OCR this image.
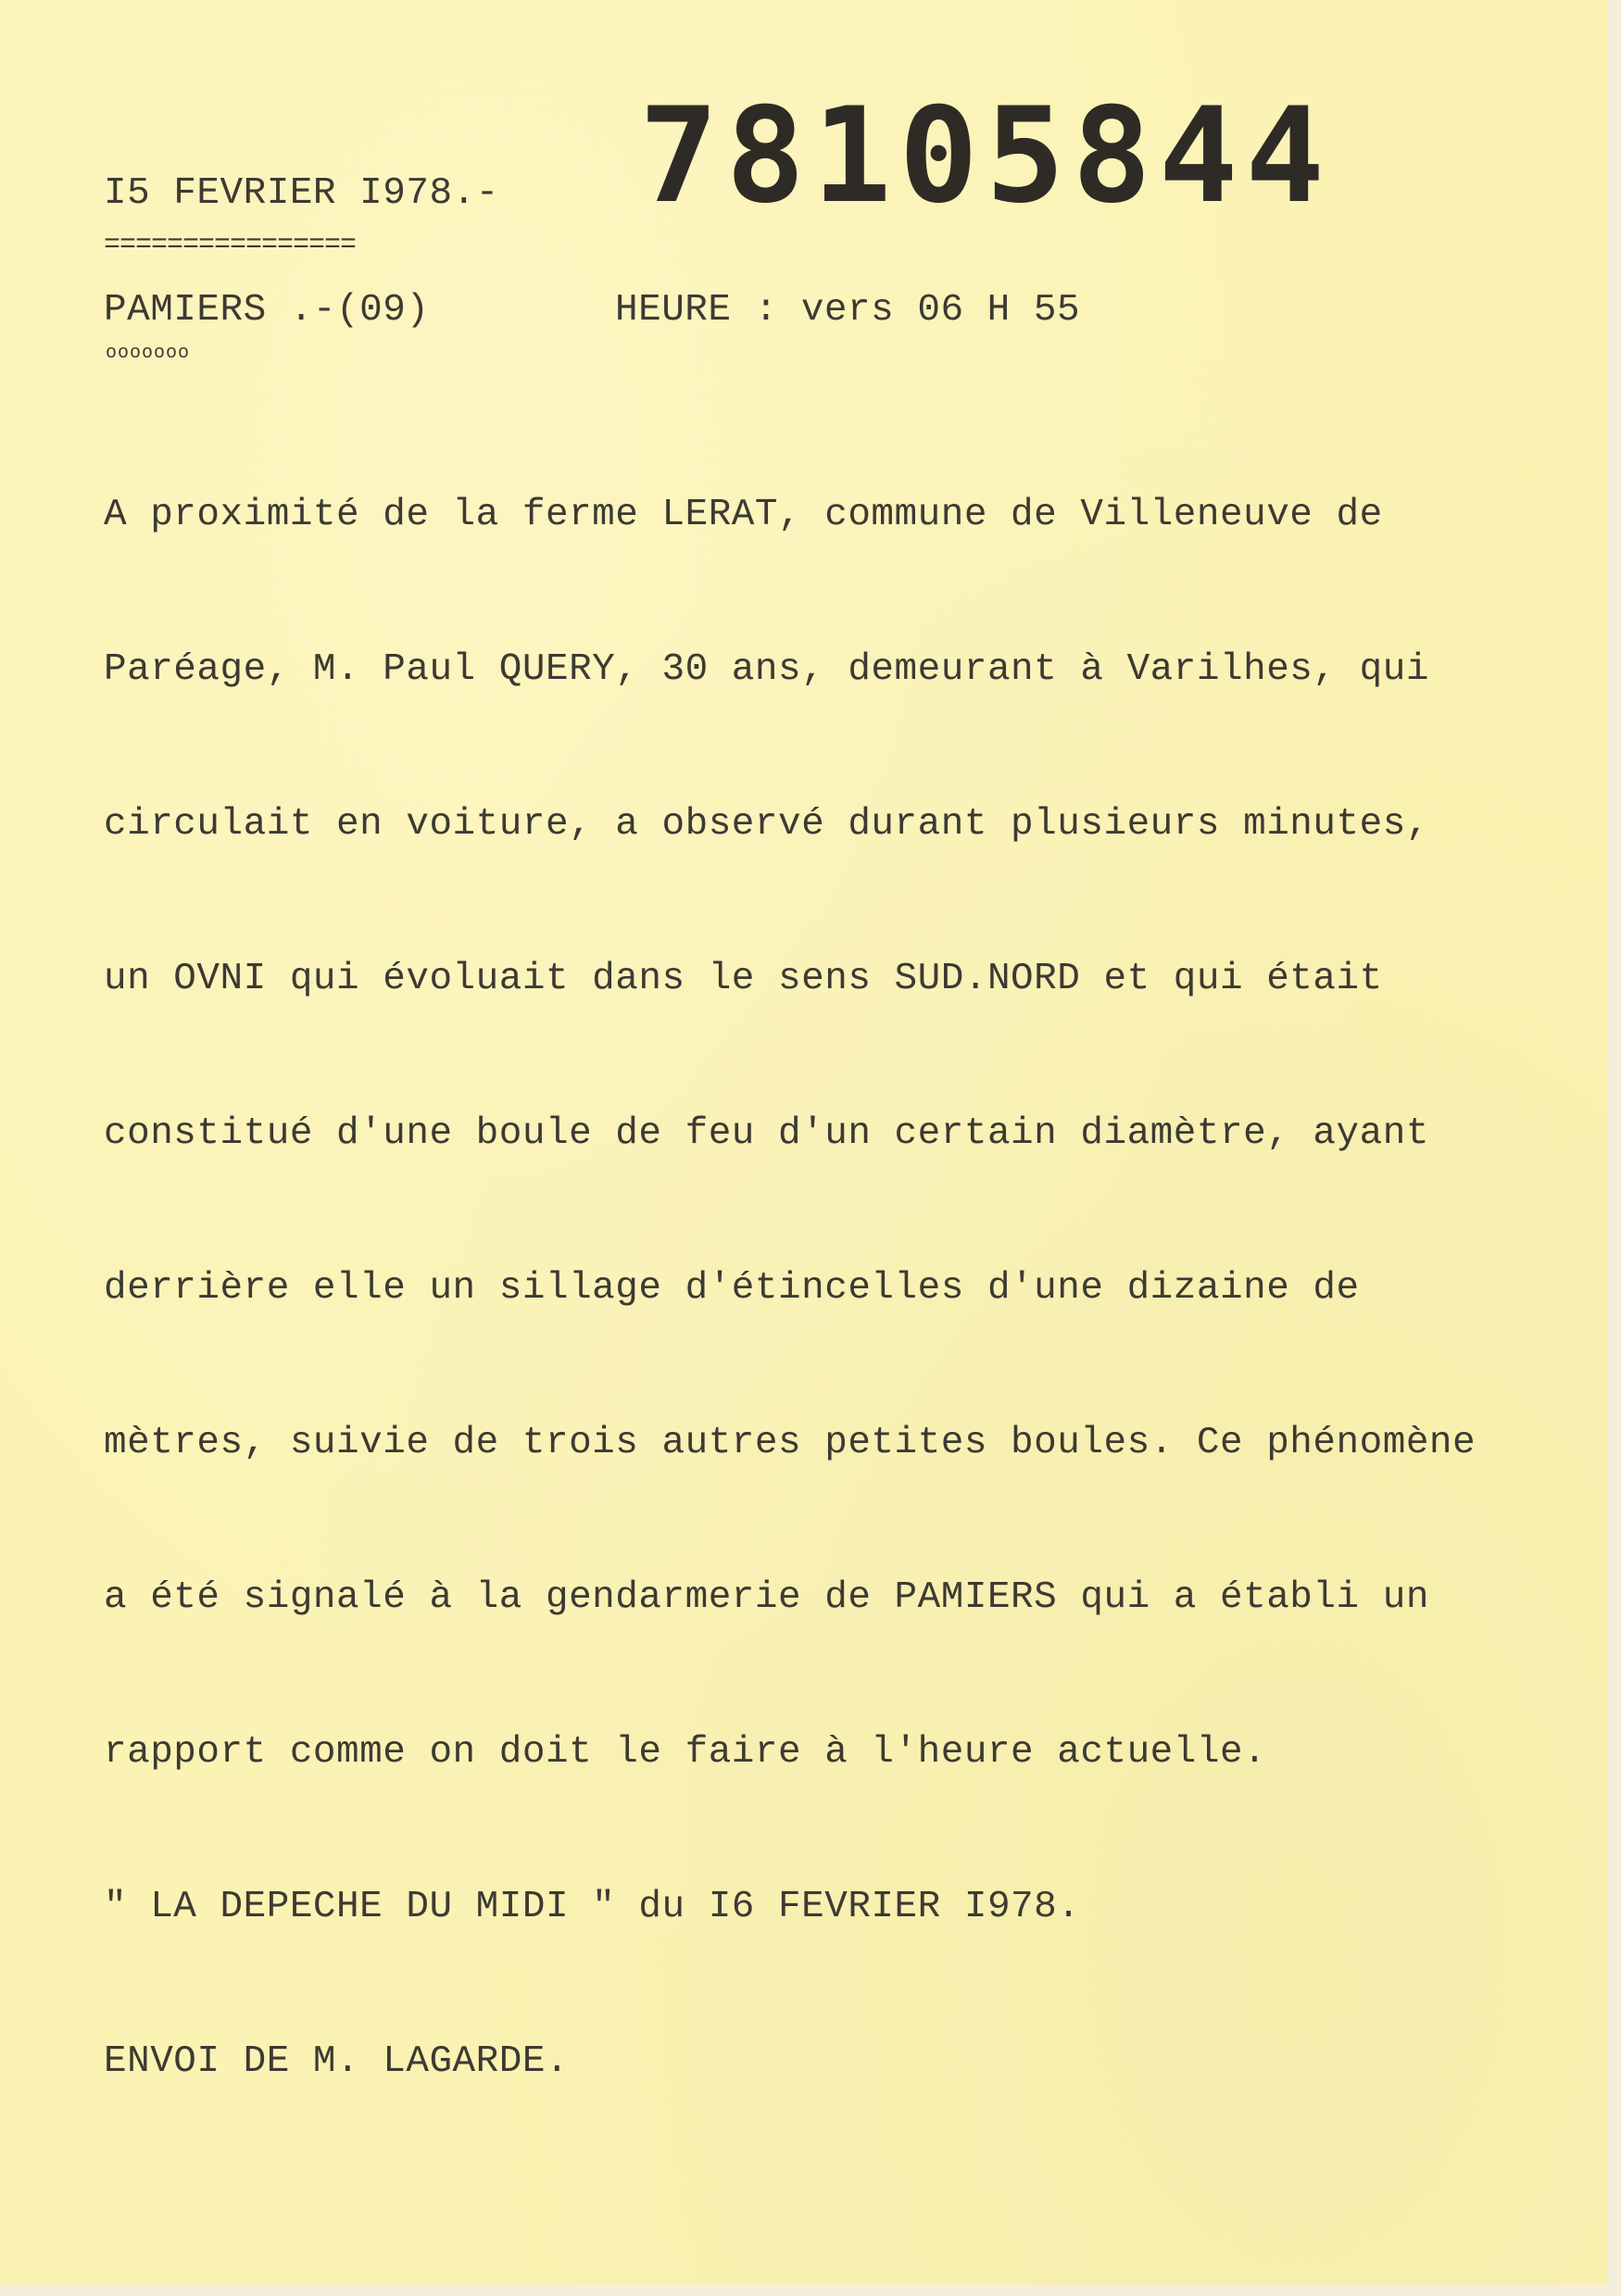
78105844
I5 FEVRIER I978.-
================
PAMIERS .-(09)	HEURE : vers 06 H 55
ooooooo

A proximité de la ferme LERAT, commune de Villeneuve de

Paréage, M. Paul QUERY, 30 ans, demeurant à Varilhes, qui

circulait en voiture, a observé durant plusieurs minutes,

un OVNI qui évoluait dans le sens SUD.NORD et qui était

constitué d'une boule de feu d'un certain diamètre, ayant

derrière elle un sillage d'étincelles d'une dizaine de

mètres, suivie de trois autres petites boules. Ce phénomène

a été signalé à la gendarmerie de PAMIERS qui a établi un

rapport comme on doit le faire à l'heure actuelle.

" LA DEPECHE DU MIDI " du I6 FEVRIER I978.

ENVOI DE M. LAGARDE.
